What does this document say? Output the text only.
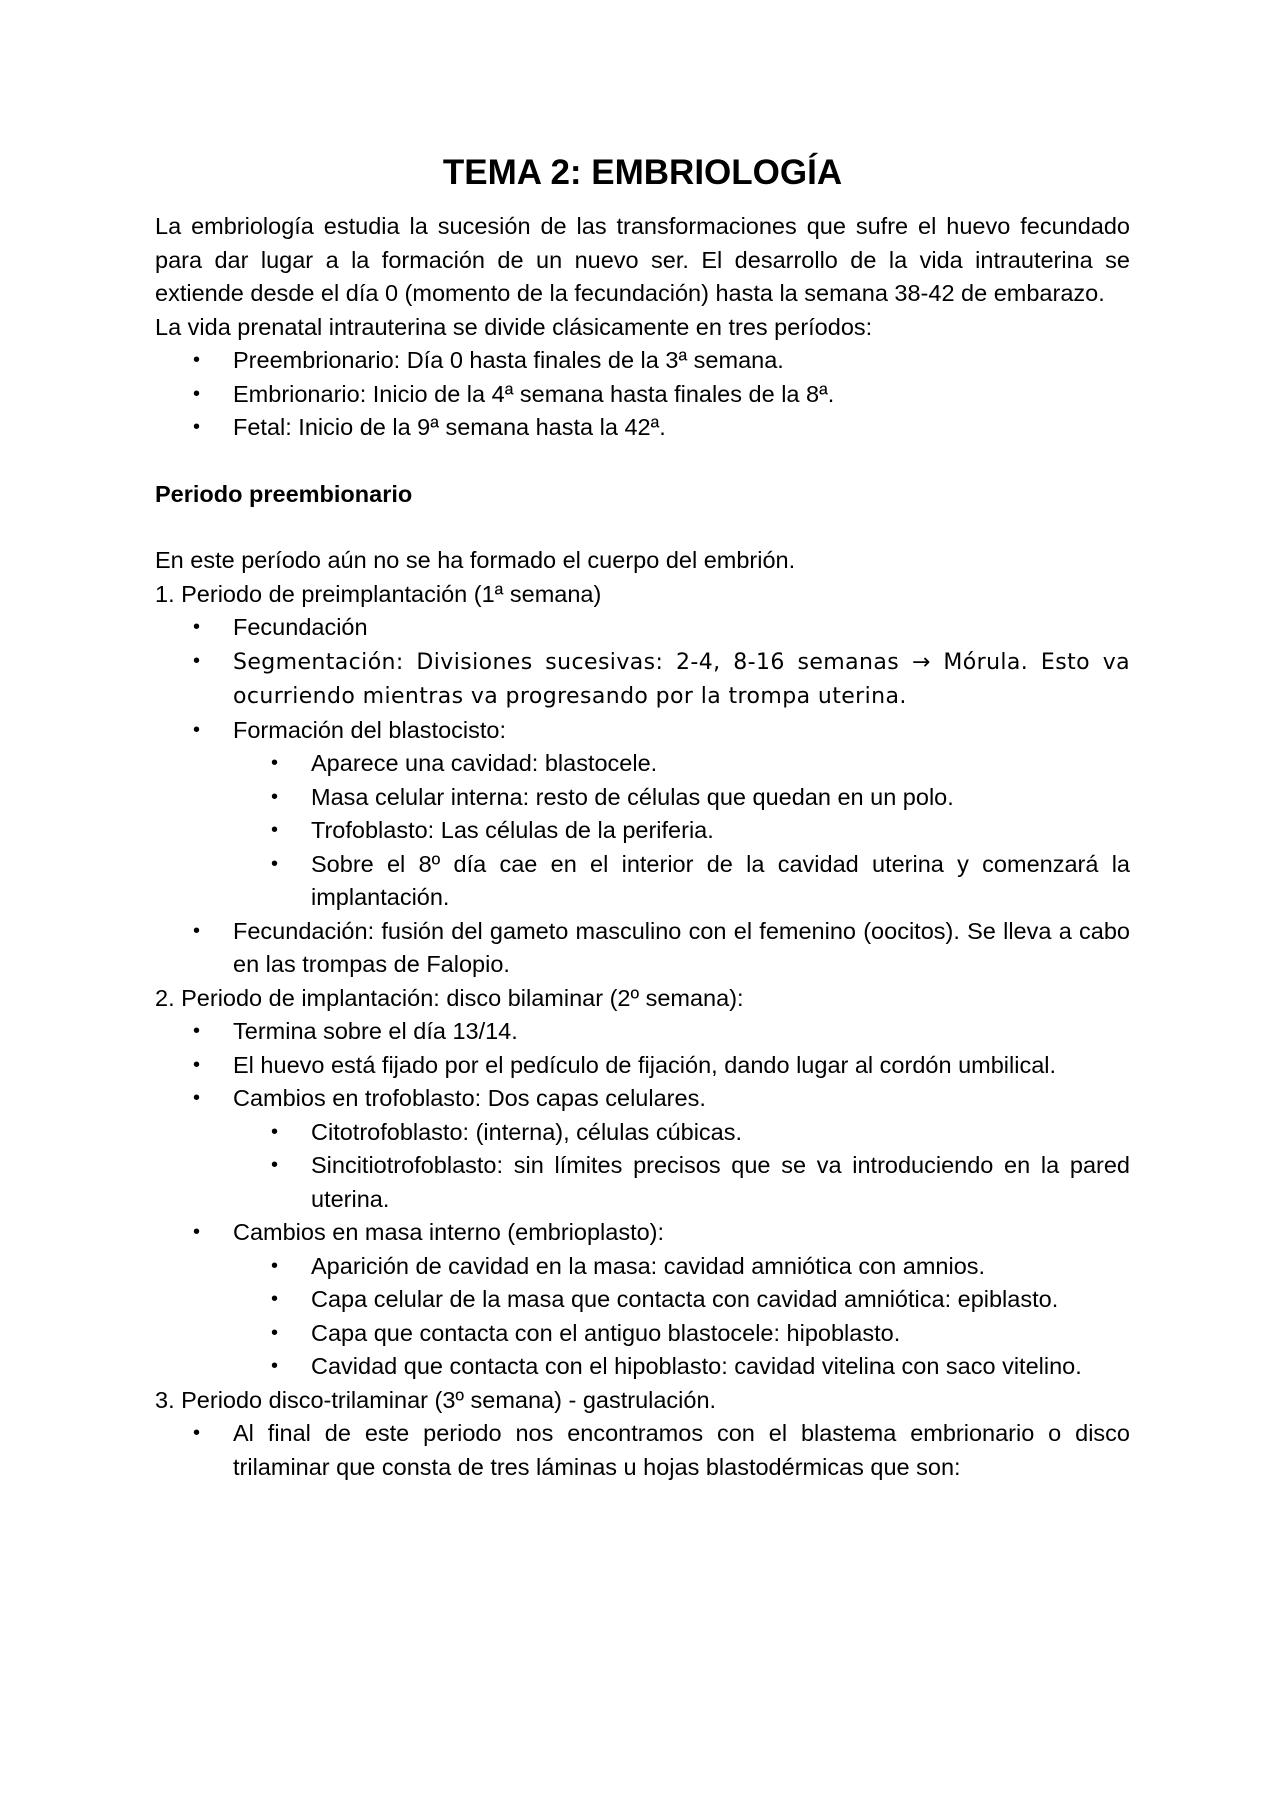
TEMA 2: EMBRIOLOGÍA

La embriología estudia la sucesión de las transformaciones que sufre el huevo fecundado para dar lugar a la formación de un nuevo ser. El desarrollo de la vida intrauterina se extiende desde el día 0 (momento de la fecundación) hasta la semana 38-42 de embarazo.

La vida prenatal intrauterina se divide clásicamente en tres períodos:

• Preembrionario: Día 0 hasta finales de la 3ª semana.
• Embrionario: Inicio de la 4ª semana hasta finales de la 8ª.
• Fetal: Inicio de la 9ª semana hasta la 42ª.

Periodo preembionario

En este período aún no se ha formado el cuerpo del embrión.

1. Periodo de preimplantación (1ª semana)

• Fecundación
• Segmentación: Divisiones sucesivas: 2-4, 8-16 semanas → Mórula. Esto va ocurriendo mientras va progresando por la trompa uterina.
• Formación del blastocisto:
• Aparece una cavidad: blastocele.
• Masa celular interna: resto de células que quedan en un polo.
• Trofoblasto: Las células de la periferia.
• Sobre el 8º día cae en el interior de la cavidad uterina y comenzará la implantación.
• Fecundación: fusión del gameto masculino con el femenino (oocitos). Se lleva a cabo en las trompas de Falopio.

2. Periodo de implantación: disco bilaminar (2º semana):

• Termina sobre el día 13/14.
• El huevo está fijado por el pedículo de fijación, dando lugar al cordón umbilical.
• Cambios en trofoblasto: Dos capas celulares.
• Citotrofoblasto: (interna), células cúbicas.
• Sincitiotrofoblasto: sin límites precisos que se va introduciendo en la pared uterina.
• Cambios en masa interno (embrioplasto):
• Aparición de cavidad en la masa: cavidad amniótica con amnios.
• Capa celular de la masa que contacta con cavidad amniótica: epiblasto.
• Capa que contacta con el antiguo blastocele: hipoblasto.
• Cavidad que contacta con el hipoblasto: cavidad vitelina con saco vitelino.

3. Periodo disco-trilaminar (3º semana) - gastrulación.

• Al final de este periodo nos encontramos con el blastema embrionario o disco trilaminar que consta de tres láminas u hojas blastodérmicas que son:
